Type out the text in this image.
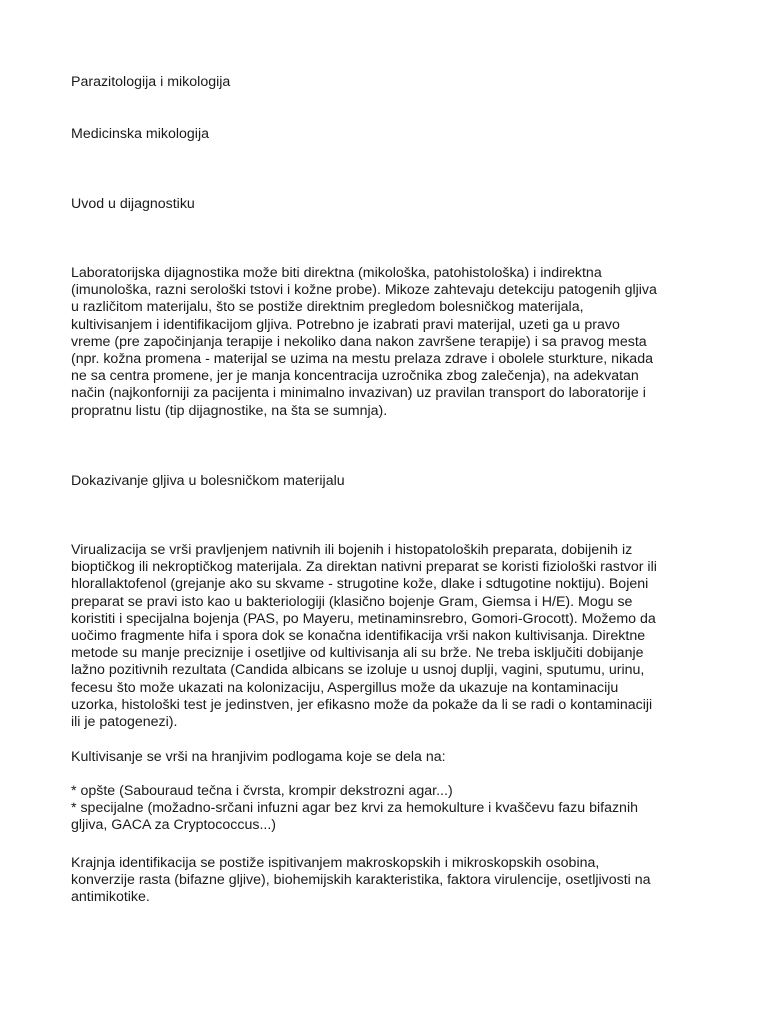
Parazitologija i mikologija

Medicinska mikologija

Uvod u dijagnostiku

Laboratorijska dijagnostika može biti direktna (mikološka, patohistološka) i indirektna
(imunološka, razni serološki tstovi i kožne probe). Mikoze zahtevaju detekciju patogenih gljiva
u različitom materijalu, što se postiže direktnim pregledom bolesničkog materijala,
kultivisanjem i identifikacijom gljiva. Potrebno je izabrati pravi materijal, uzeti ga u pravo
vreme (pre započinjanja terapije i nekoliko dana nakon završene terapije) i sa pravog mesta
(npr. kožna promena - materijal se uzima na mestu prelaza zdrave i obolele sturkture, nikada
ne sa centra promene, jer je manja koncentracija uzročnika zbog zalečenja), na adekvatan
način (najkonforniji za pacijenta i minimalno invazivan) uz pravilan transport do laboratorije i
propratnu listu (tip dijagnostike, na šta se sumnja).

Dokazivanje gljiva u bolesničkom materijalu

Virualizacija se vrši pravljenjem nativnih ili bojenih i histopatoloških preparata, dobijenih iz
bioptičkog ili nekroptičkog materijala. Za direktan nativni preparat se koristi fiziološki rastvor ili
hlorallaktofenol (grejanje ako su skvame - strugotine kože, dlake i sdtugotine noktiju). Bojeni
preparat se pravi isto kao u bakteriologiji (klasično bojenje Gram, Giemsa i H/E). Mogu se
koristiti i specijalna bojenja (PAS, po Mayeru, metinaminsrebro, Gomori-Grocott). Možemo da
uočimo fragmente hifa i spora dok se konačna identifikacija vrši nakon kultivisanja. Direktne
metode su manje preciznije i osetljive od kultivisanja ali su brže. Ne treba isključiti dobijanje
lažno pozitivnih rezultata (Candida albicans se izoluje u usnoj duplji, vagini, sputumu, urinu,
fecesu što može ukazati na kolonizaciju, Aspergillus može da ukazuje na kontaminaciju
uzorka, histološki test je jedinstven, jer efikasno može da pokaže da li se radi o kontaminaciji
ili je patogenezi).

Kultivisanje se vrši na hranjivim podlogama koje se dela na:

* opšte (Sabouraud tečna i čvrsta, krompir dekstrozni agar...)
* specijalne (možadno-srčani infuzni agar bez krvi za hemokulture i kvaščevu fazu bifaznih
gljiva, GACA za Cryptococcus...)

Krajnja identifikacija se postiže ispitivanjem makroskopskih i mikroskopskih osobina,
konverzije rasta (bifazne gljive), biohemijskih karakteristika, faktora virulencije, osetljivosti na
antimikotike.
